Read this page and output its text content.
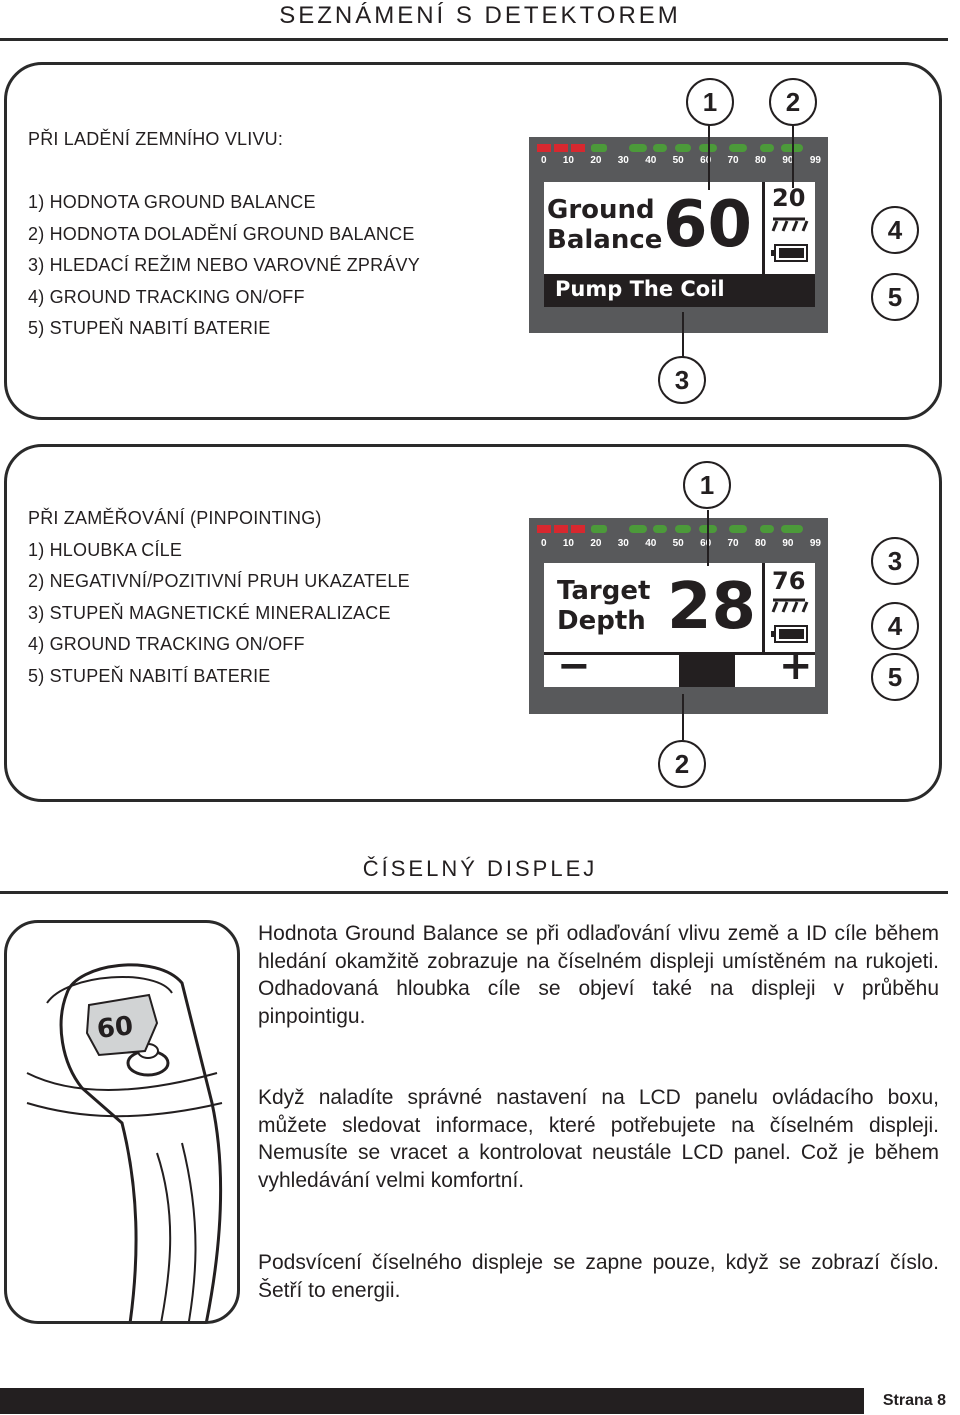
SEZNÁMENÍ S DETEKTOREM
PŘI LADĚNÍ ZEMNÍHO VLIVU:
1) HODNOTA GROUND BALANCE
2) HODNOTA DOLADĚNÍ GROUND BALANCE
3) HLEDACÍ REŽIM NEBO VAROVNÉ ZPRÁVY
4) GROUND TRACKING ON/OFF
5) STUPEŇ NABITÍ BATERIE
0 10 20 30 40 50 60 70 80 90 99
Ground
Balance 60 20
Pump The Coil
1	2
3
4
5
PŘI ZAMĚŘOVÁNÍ (PINPOINTING)
1) HLOUBKA CÍLE
2) NEGATIVNÍ/POZITIVNÍ PRUH UKAZATELE
3) STUPEŇ MAGNETICKÉ MINERALIZACE
4) GROUND TRACKING ON/OFF
5) STUPEŇ NABITÍ BATERIE
0 10 20 30 40 50 60 70 80 90 99
Target
Depth 28 76
−	+
1
2
3
4
5
ČÍSELNÝ DISPLEJ
60
Hodnota Ground Balance se při odlaďování vlivu země a ID cíle během hledání okamžitě zobrazuje na číselném displeji umístěném na rukojeti. Odhadovaná hloubka cíle se objeví také na displeji v průběhu pinpointigu.
Když naladíte správné nastavení na LCD panelu ovládacího boxu, můžete sledovat informace, které potřebujete na číselném displeji. Nemusíte se vracet a kontrolovat neustále LCD panel. Což je během vyhledávání velmi komfortní.
Podsvícení číselného displeje se zapne pouze, když se zobrazí číslo. Šetří to energii.
Strana 8
